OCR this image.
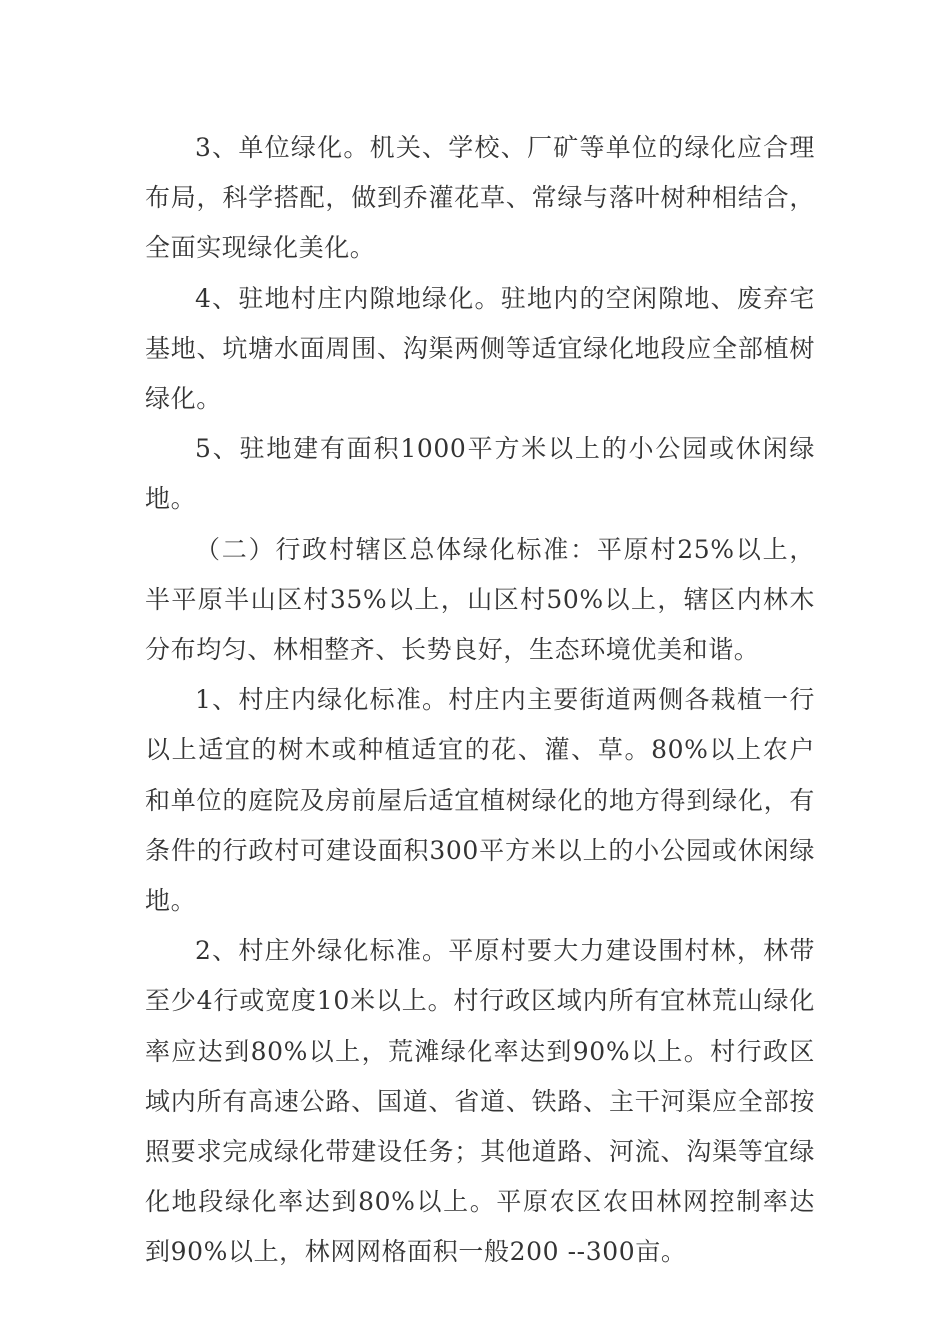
3、单位绿化。机关、学校、厂矿等单位的绿化应合理布局，科学搭配，做到乔灌花草、常绿与落叶树种相结合，全面实现绿化美化。

4、驻地村庄内隙地绿化。驻地内的空闲隙地、废弃宅基地、坑塘水面周围、沟渠两侧等适宜绿化地段应全部植树绿化。

5、驻地建有面积1000平方米以上的小公园或休闲绿地。

（二）行政村辖区总体绿化标准：平原村25%以上，半平原半山区村35%以上，山区村50%以上，辖区内林木分布均匀、林相整齐、长势良好，生态环境优美和谐。

1、村庄内绿化标准。村庄内主要街道两侧各栽植一行以上适宜的树木或种植适宜的花、灌、草。80%以上农户和单位的庭院及房前屋后适宜植树绿化的地方得到绿化，有条件的行政村可建设面积300平方米以上的小公园或休闲绿地。

2、村庄外绿化标准。平原村要大力建设围村林，林带至少4行或宽度10米以上。村行政区域内所有宜林荒山绿化率应达到80%以上，荒滩绿化率达到90%以上。村行政区域内所有高速公路、国道、省道、铁路、主干河渠应全部按照要求完成绿化带建设任务；其他道路、河流、沟渠等宜绿化地段绿化率达到80%以上。平原农区农田林网控制率达到90%以上，林网网格面积一般200 --300亩。
